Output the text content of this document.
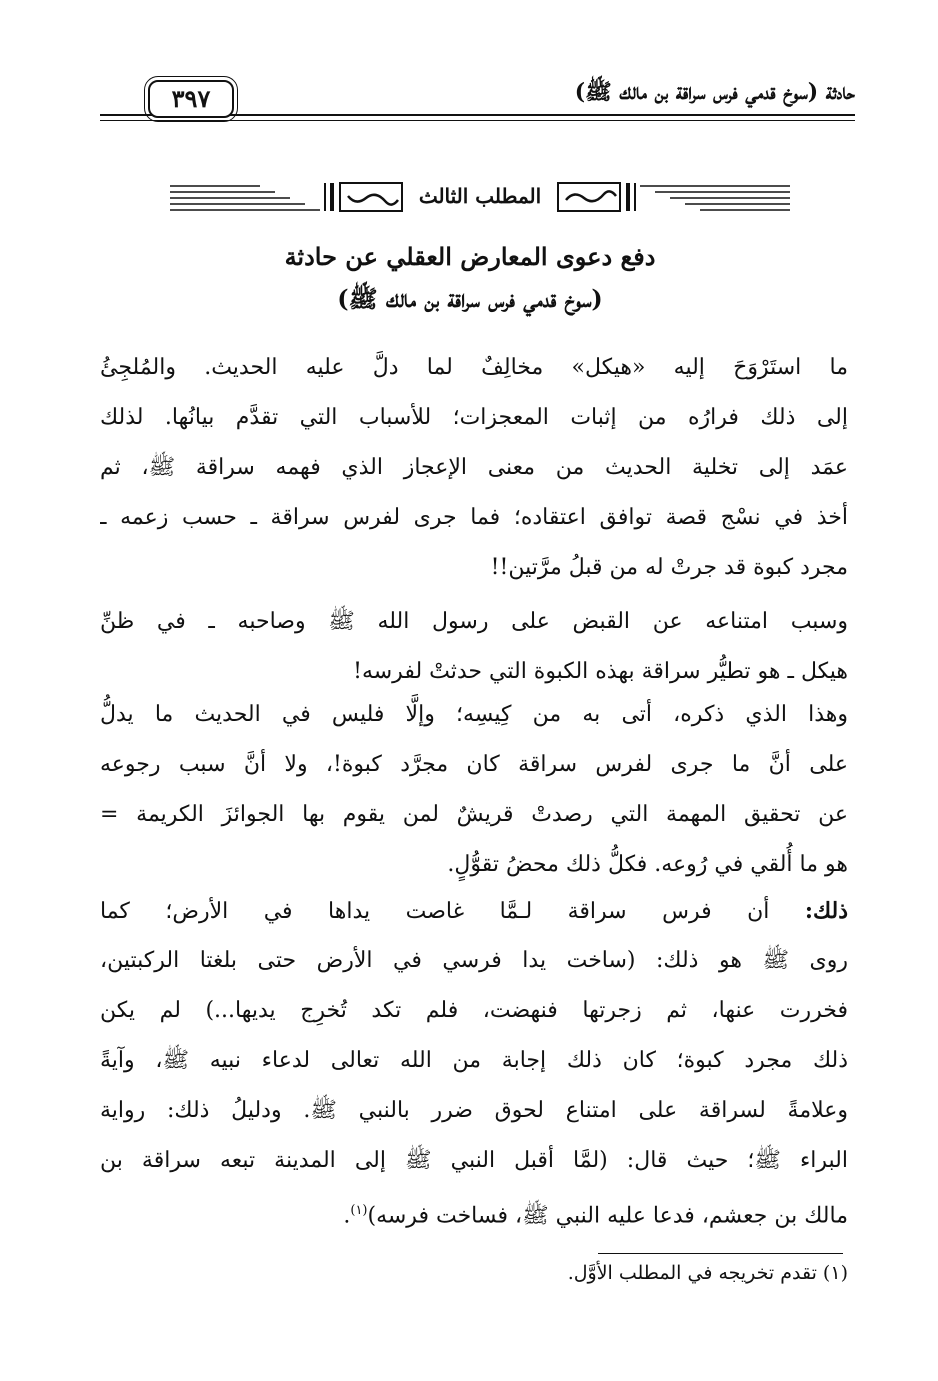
حادثة (سوخ قدمي فرس سراقة بن مالك ﷺ)
٣٩٧
المطلب الثالث
دفع دعوى المعارض العقلي عن حادثة
(سوخ قدمي فرس سراقة بن مالك ﷺ)
ما استَرْوَحَ إليه «هيكل» مخالِفٌ لما دلَّ عليه الحديث. والمُلجِئُ
إلى ذلك فرارُه من إثبات المعجزات؛ للأسباب التي تقدَّم بيانُها. لذلك
عمَد إلى تخلية الحديث من معنى الإعجاز الذي فهمه سراقة ﷺ، ثم
أخذ في نسْج قصة توافق اعتقاده؛ فما جرى لفرس سراقة ـ حسب زعمه ـ
مجرد كبوة قد جرتْ له من قبلُ مرَّتين!!
وسبب امتناعه عن القبض على رسول الله ﷺ وصاحبه ـ في ظنِّ
هيكل ـ هو تطيُّر سراقة بهذه الكبوة التي حدثتْ لفرسه!
وهذا الذي ذكره، أتى به من كِيسِه؛ وإلَّا فليس في الحديث ما يدلُّ
على أنَّ ما جرى لفرس سراقة كان مجرَّد كبوة!، ولا أنَّ سبب رجوعه
عن تحقيق المهمة التي رصدتْ قريشٌ لمن يقوم بها الجوائزَ الكريمة =
هو ما أُلقي في رُوعه. فكلُّ ذلك محضُ تقوُّلٍ.
ذلك: أن فرس سراقة لـمَّا غاصت يداها في الأرض؛ كما
روى ﷺ هو ذلك: (ساخت يدا فرسي في الأرض حتى بلغتا الركبتين،
فخررت عنها، ثم زجرتها فنهضت، فلم تكد تُخرِج يديها...) لم يكن
ذلك مجرد كبوة؛ كان ذلك إجابة من الله تعالى لدعاء نبيه ﷺ، وآيةً
وعلامةً لسراقة على امتناع لحوق ضرر بالنبي ﷺ. ودليلُ ذلك: رواية
البراء ﷺ؛ حيث قال: (لمَّا أقبل النبي ﷺ إلى المدينة تبعه سراقة بن
مالك بن جعشم، فدعا عليه النبي ﷺ، فساخت فرسه)$^{(١)}$.
(١) تقدم تخريجه في المطلب الأوَّل.
